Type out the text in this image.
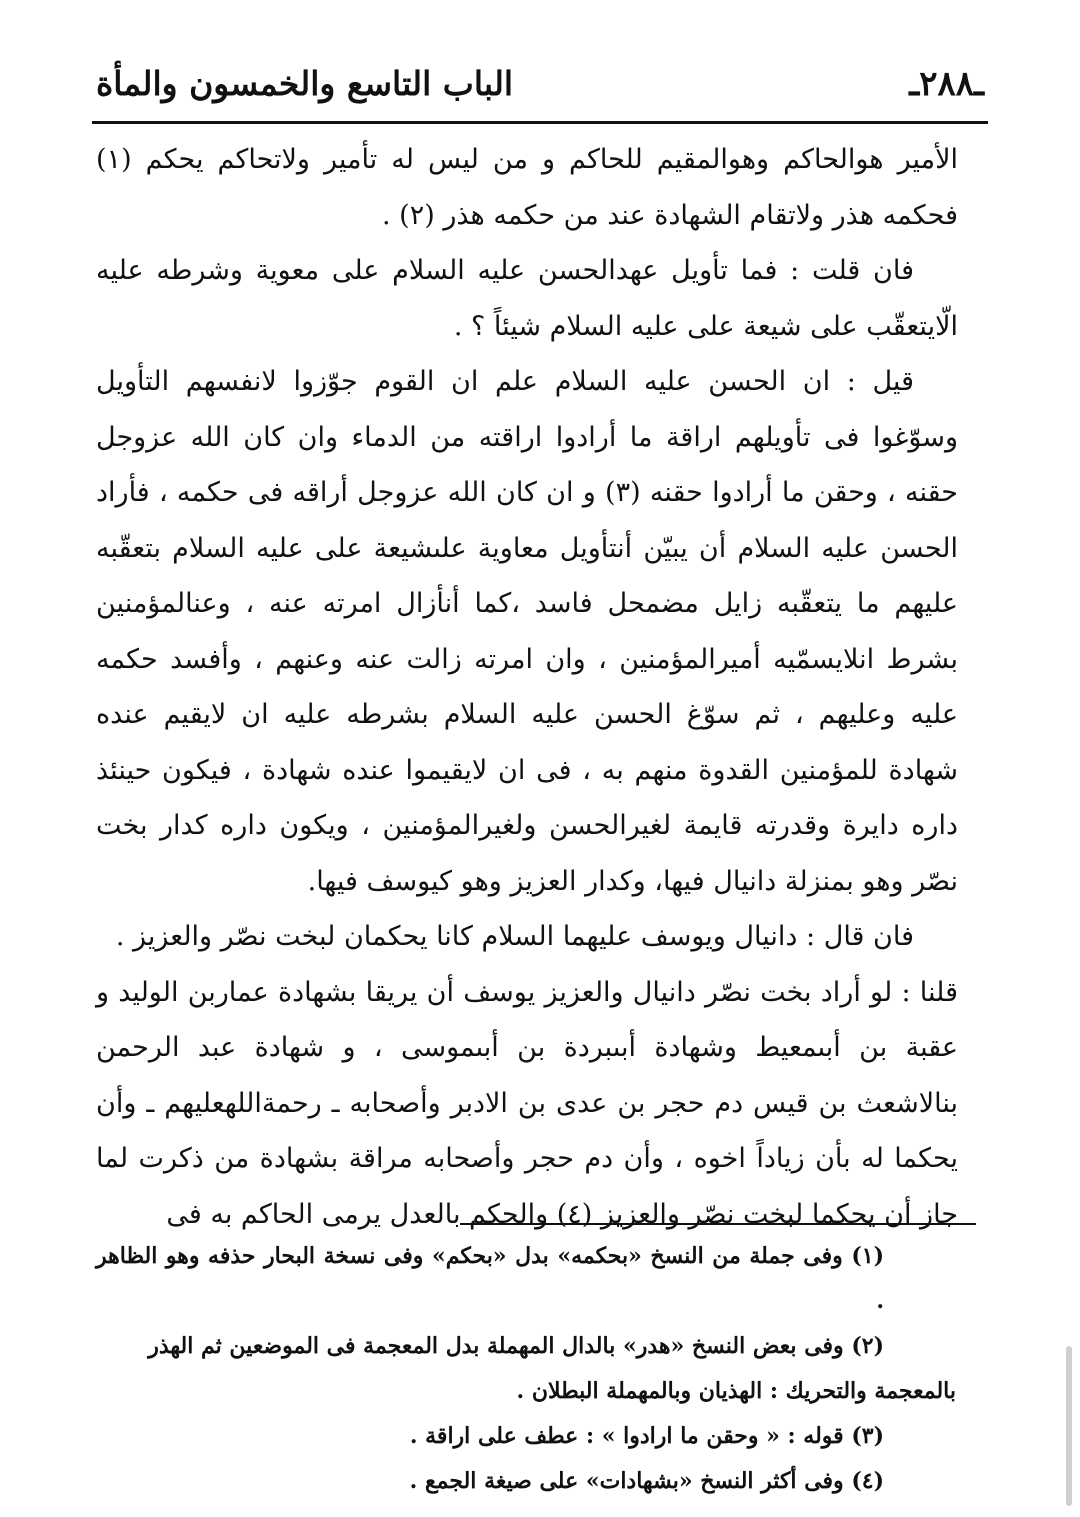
ـ۲۸۸ـ
الباب التاسع والخمسون والمأة

الأمير هوالحاكم وهوالمقيم للحاكم و من ليس له تأمير ولاتحاكم يحكم (۱) فحكمه هذر ولاتقام الشهادة عند من حكمه هذر (۲) .

فان قلت : فما تأويل عهدالحسن عليه السلام على معوية وشرطه عليه الّايتعقّب على شيعة على عليه السلام شيئاً ؟ .

قيل : ان الحسن عليه السلام علم ان القوم جوّزوا لانفسهم التأويل وسوّغوا فى تأويلهم اراقة ما أرادوا اراقته من الدماء وان كان الله عزوجل حقنه ، وحقن ما أرادوا حقنه (۳) و ان كان الله عزوجل أراقه فى حكمه ، فأراد الحسن عليه السلام أن يبيّن أنتأويل معاوية علىشيعة على عليه السلام بتعقّبه عليهم ما يتعقّبه زايل مضمحل فاسد ،كما أنأزال امرته عنه ، وعنالمؤمنين بشرط انلايسمّيه أميرالمؤمنين ، وان امرته زالت عنه وعنهم ، وأفسد حكمه عليه وعليهم ، ثم سوّغ الحسن عليه السلام بشرطه عليه ان لايقيم عنده شهادة للمؤمنين القدوة منهم به ، فى ان لايقيموا عنده شهادة ، فيكون حينئذ داره دايرة وقدرته قايمة لغيرالحسن ولغيرالمؤمنين ، ويكون داره كدار بخت نصّر وهو بمنزلة دانيال فيها، وكدار العزيز وهو كيوسف فيها.

فان قال : دانيال ويوسف عليهما السلام كانا يحكمان لبخت نصّر والعزيز .

قلنا : لو أراد بخت نصّر دانيال والعزيز يوسف أن يريقا بشهادة عماربن الوليد و عقبة بن أبىمعيط وشهادة أبىبردة بن أبىموسى ، و شهادة عبد الرحمن بنالاشعث بن قيس دم حجر بن عدى بن الادبر وأصحابه ـ رحمةاللهعليهم ـ وأن يحكما له بأن زياداً اخوه ، وأن دم حجر وأصحابه مراقة بشهادة من ذكرت لما جاز أن يحكما لبخت نصّر والعزيز (٤) والحكم بالعدل يرمى الحاكم به فى

(۱) وفى جملة من النسخ «بحكمه» بدل «بحكم» وفى نسخة البحار حذفه وهو الظاهر .

(۲) وفى بعض النسخ «هدر» بالدال المهملة بدل المعجمة فى الموضعين ثم الهذر

بالمعجمة والتحريك : الهذيان وبالمهملة البطلان .

(۳) قوله : « وحقن ما ارادوا » : عطف على اراقة .

(٤) وفى أكثر النسخ «بشهادات» على صيغة الجمع .
